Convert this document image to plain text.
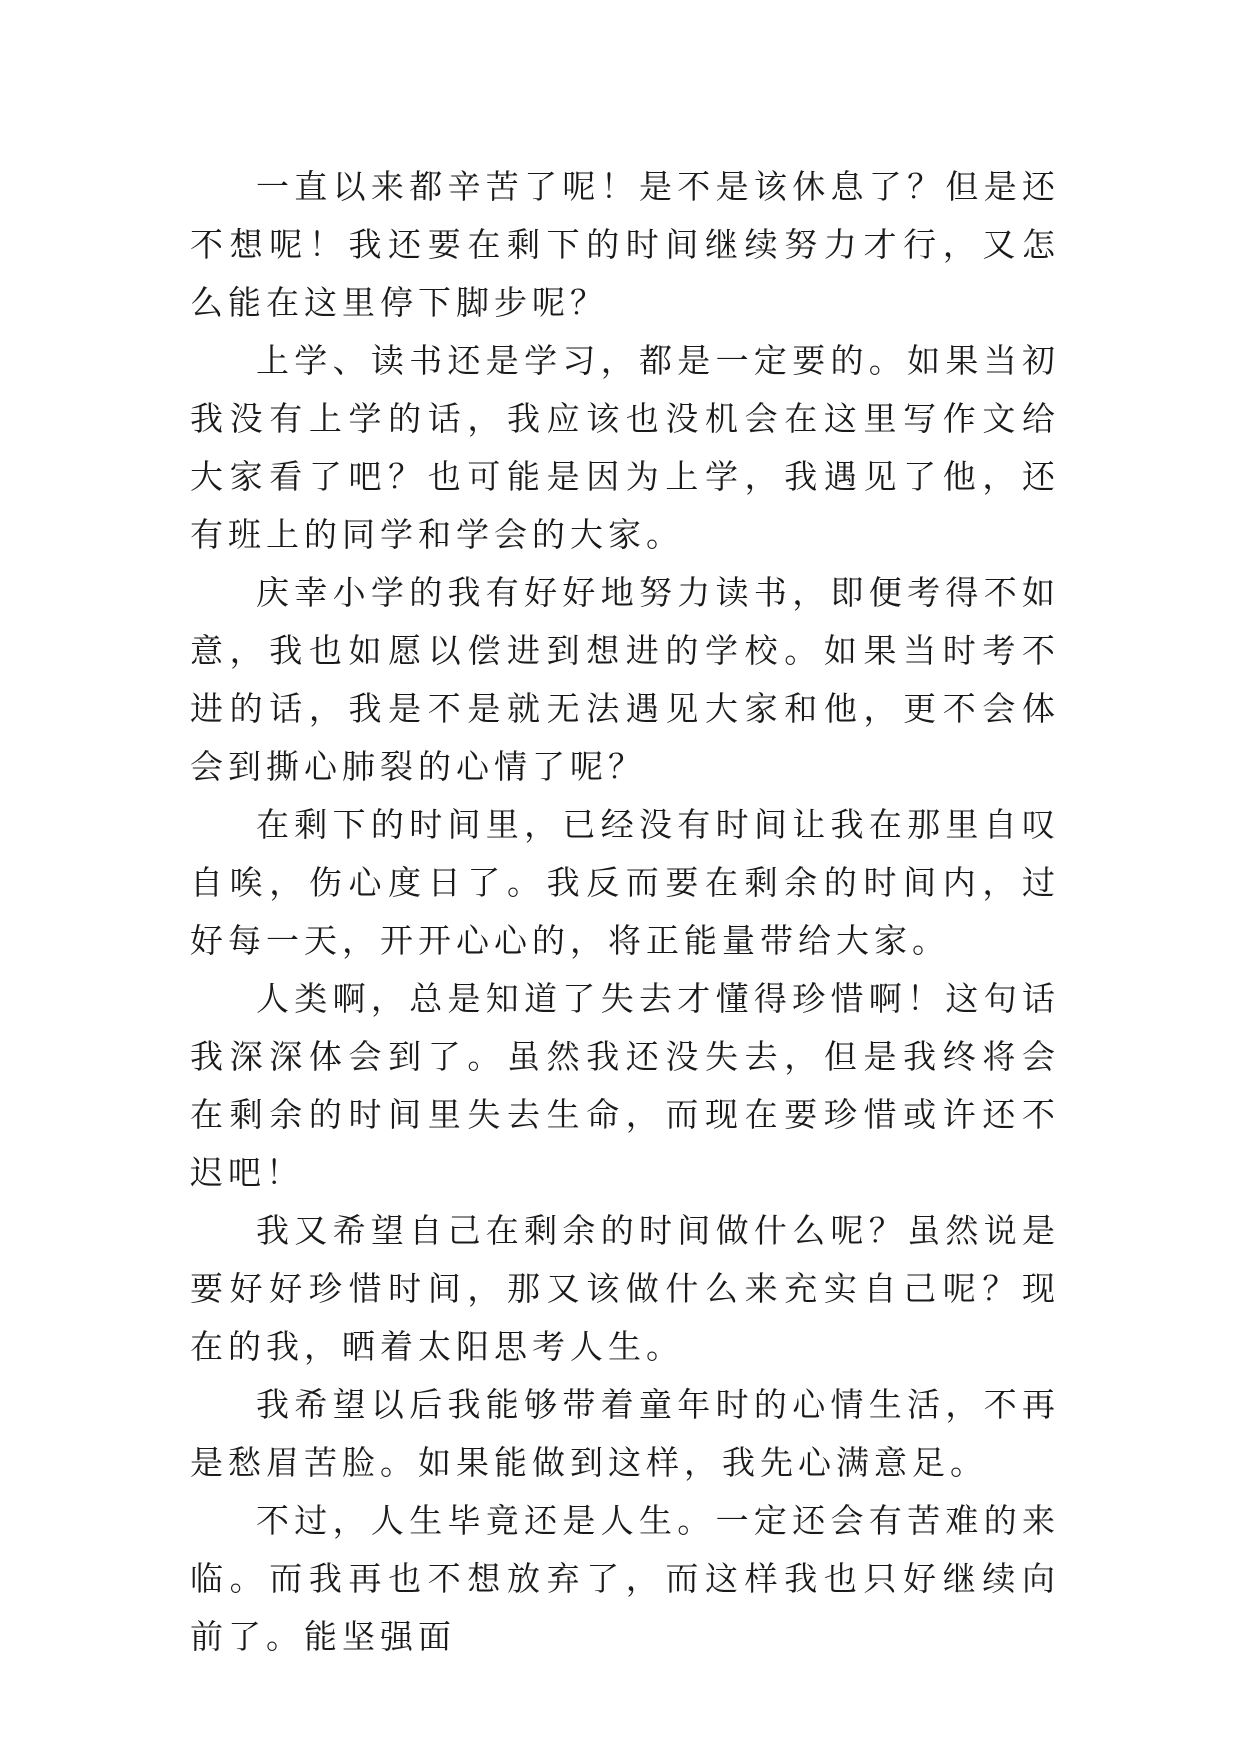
一直以来都辛苦了呢！是不是该休息了？但是还不想呢！我还要在剩下的时间继续努力才行，又怎么能在这里停下脚步呢？

上学、读书还是学习，都是一定要的。如果当初我没有上学的话，我应该也没机会在这里写作文给大家看了吧？也可能是因为上学，我遇见了他，还有班上的同学和学会的大家。

庆幸小学的我有好好地努力读书，即便考得不如意，我也如愿以偿进到想进的学校。如果当时考不进的话，我是不是就无法遇见大家和他，更不会体会到撕心肺裂的心情了呢？

在剩下的时间里，已经没有时间让我在那里自叹自唉，伤心度日了。我反而要在剩余的时间内，过好每一天，开开心心的，将正能量带给大家。

人类啊，总是知道了失去才懂得珍惜啊！这句话我深深体会到了。虽然我还没失去，但是我终将会在剩余的时间里失去生命，而现在要珍惜或许还不迟吧！

我又希望自己在剩余的时间做什么呢？虽然说是要好好珍惜时间，那又该做什么来充实自己呢？现在的我，晒着太阳思考人生。

我希望以后我能够带着童年时的心情生活，不再是愁眉苦脸。如果能做到这样，我先心满意足。

不过，人生毕竟还是人生。一定还会有苦难的来临。而我再也不想放弃了，而这样我也只好继续向前了。能坚强面
